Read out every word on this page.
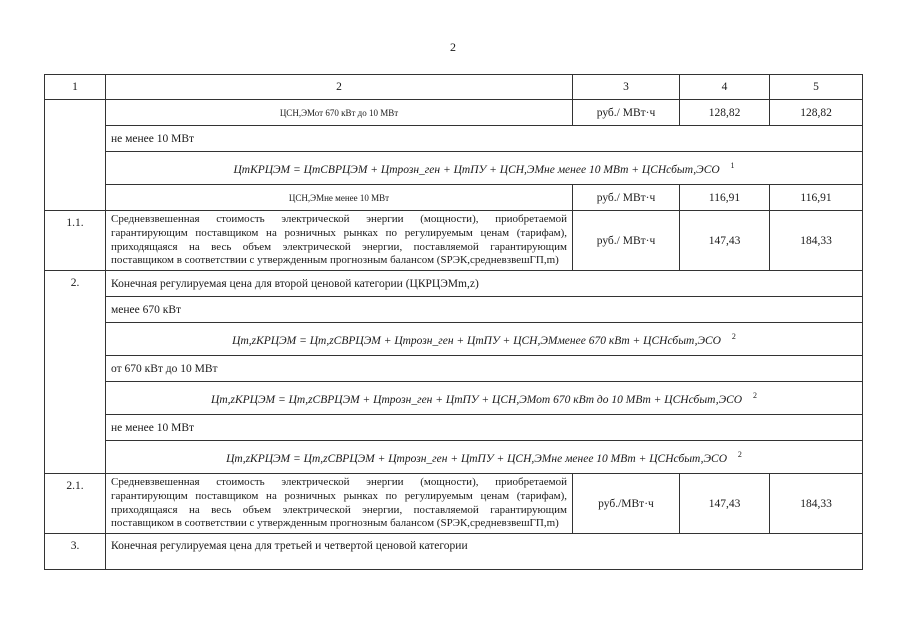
2
1	2	3	4	5
	ЦСН,ЭМот 670 кВт до 10 МВт	руб./ МВт·ч	128,82	128,82
	не менее 10 МВт			
	ЦmКРЦЭМ = ЦmСВРЦЭМ + Цmрозн_ген + ЦmПУ + ЦСН,ЭМне менее 10 МВт + ЦСНсбыт,ЭСО $^1$
	ЦСН,ЭМне менее 10 МВт	руб./ МВт·ч	116,91	116,91
1.1.	Средневзвешенная стоимость электрической энергии (мощности), приобретаемой гарантирующим поставщиком на розничных рынках по регулируемым ценам (тарифам), приходящаяся на весь объем электрической энергии, поставляемой гарантирующим поставщиком в соответствии с утвержденным прогнозным балансом (SРЭК,средневзвешГП,m)	руб./ МВт·ч	147,43	184,33
2.	Конечная регулируемая цена для второй ценовой категории (ЦКРЦЭМm,z)			
	менее 670 кВт			
	Цm,zКРЦЭМ = Цm,zСВРЦЭМ + Цmрозн_ген + ЦmПУ + ЦСН,ЭМменее 670 кВт + ЦСНсбыт,ЭСО $^2$
	от 670 кВт до 10 МВт			
	Цm,zКРЦЭМ = Цm,zСВРЦЭМ + Цmрозн_ген + ЦmПУ + ЦСН,ЭМот 670 кВт до 10 МВт + ЦСНсбыт,ЭСО $^2$
	не менее 10 МВт			
	Цm,zКРЦЭМ = Цm,zСВРЦЭМ + Цmрозн_ген + ЦmПУ + ЦСН,ЭМне менее 10 МВт + ЦСНсбыт,ЭСО $^2$
2.1.	Средневзвешенная стоимость электрической энергии (мощности), приобретаемой гарантирующим поставщиком на розничных рынках по регулируемым ценам (тарифам), приходящаяся на весь объем электрической энергии, поставляемой гарантирующим поставщиком в соответствии с утвержденным прогнозным балансом (SРЭК,средневзвешГП,m)	руб./МВт·ч	147,43	184,33
3.	Конечная регулируемая цена для третьей и четвертой ценовой категории			
